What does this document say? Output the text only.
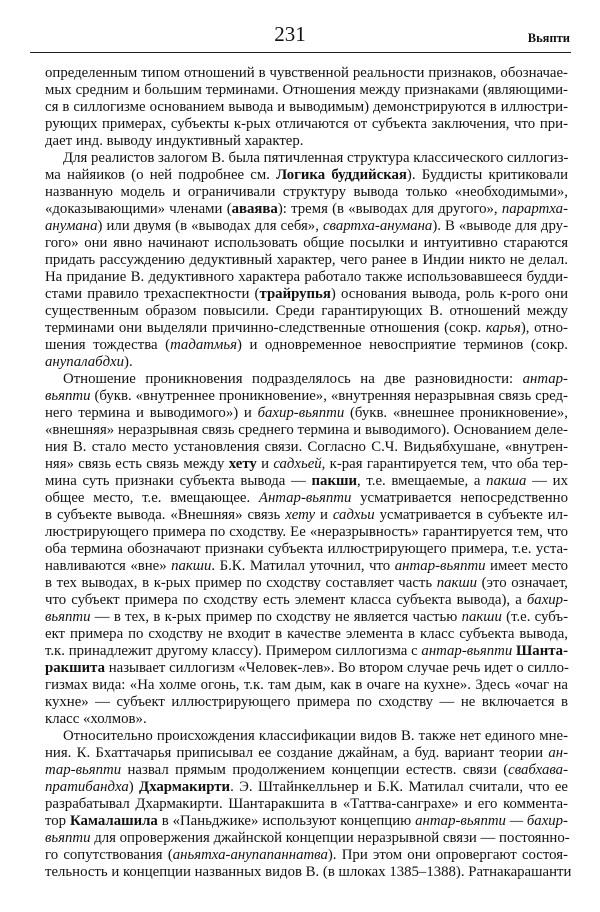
231	Вьяпти
определенным типом отношений в чувственной реальности признаков, обозначае-
мых средним и большим терминами. Отношения между признаками (являющими-
ся в силлогизме основанием вывода и выводимым) демонстрируются в иллюстри-
рующих примерах, субъекты к-рых отличаются от субъекта заключения, что при-
дает инд. выводу индуктивный характер.
Для реалистов залогом В. была пятичленная структура классического силлогиз-
ма найяиков (о ней подробнее см. Логика буддийская). Буддисты критиковали
названную модель и ограничивали структуру вывода только «необходимыми»,
«доказывающими» членами (аваява): тремя (в «выводах для другого», парартха-
анумана) или двумя (в «выводах для себя», свартха-анумана). В «выводе для дру-
гого» они явно начинают использовать общие посылки и интуитивно стараются
придать рассуждению дедуктивный характер, чего ранее в Индии никто не делал.
На придание В. дедуктивного характера работало также использовавшееся будди-
стами правило трехаспектности (трайрупья) основания вывода, роль к-рого они
существенным образом повысили. Среди гарантирующих В. отношений между
терминами они выделяли причинно-следственные отношения (сокр. карья), отно-
шения тождества (тадатмья) и одновременное невосприятие терминов (сокр.
анупалабдхи).
Отношение проникновения подразделялось на две разновидности: антар-
вьяпти (букв. «внутреннее проникновение», «внутренняя неразрывная связь сред-
него термина и выводимого») и бахир-вьяпти (букв. «внешнее проникновение»,
«внешняя» неразрывная связь среднего термина и выводимого). Основанием деле-
ния В. стало место установления связи. Согласно С.Ч. Видьябхушане, «внутрен-
няя» связь есть связь между хету и садхьей, к-рая гарантируется тем, что оба тер-
мина суть признаки субъекта вывода — пакши, т.е. вмещаемые, а пакша — их
общее место, т.е. вмещающее. Антар-вьяпти усматривается непосредственно
в субъекте вывода. «Внешняя» связь хету и садхьи усматривается в субъекте ил-
люстрирующего примера по сходству. Ее «неразрывность» гарантируется тем, что
оба термина обозначают признаки субъекта иллюстрирующего примера, т.е. уста-
навливаются «вне» пакши. Б.К. Матилал уточнил, что антар-вьяпти имеет место
в тех выводах, в к-рых пример по сходству составляет часть пакши (это означает,
что субъект примера по сходству есть элемент класса субъекта вывода), а бахир-
вьяпти — в тех, в к-рых пример по сходству не является частью пакши (т.е. субъ-
ект примера по сходству не входит в качестве элемента в класс субъекта вывода,
т.к. принадлежит другому классу). Примером силлогизма с антар-вьяпти Шанта-
ракшита называет силлогизм «Человек-лев». Во втором случае речь идет о силло-
гизмах вида: «На холме огонь, т.к. там дым, как в очаге на кухне». Здесь «очаг на
кухне» — субъект иллюстрирующего примера по сходству — не включается в
класс «холмов».
Относительно происхождения классификации видов В. также нет единого мне-
ния. К. Бхаттачарья приписывал ее создание джайнам, а буд. вариант теории ан-
тар-вьяпти назвал прямым продолжением концепции естеств. связи (свабхава-
пратибандха) Дхармакирти. Э. Штайнкелльнер и Б.К. Матилал считали, что ее
разрабатывал Дхармакирти. Шантаракшита в «Таттва-санграхе» и его коммента-
тор Камалашила в «Паньджике» используют концепцию антар-вьяпти — бахир-
вьяпти для опровержения джайнской концепции неразрывной связи — постоянно-
го сопутствования (аньятха-анупапаннатва). При этом они опровергают состоя-
тельность и концепции названных видов В. (в шлоках 1385–1388). Ратнакарашанти
